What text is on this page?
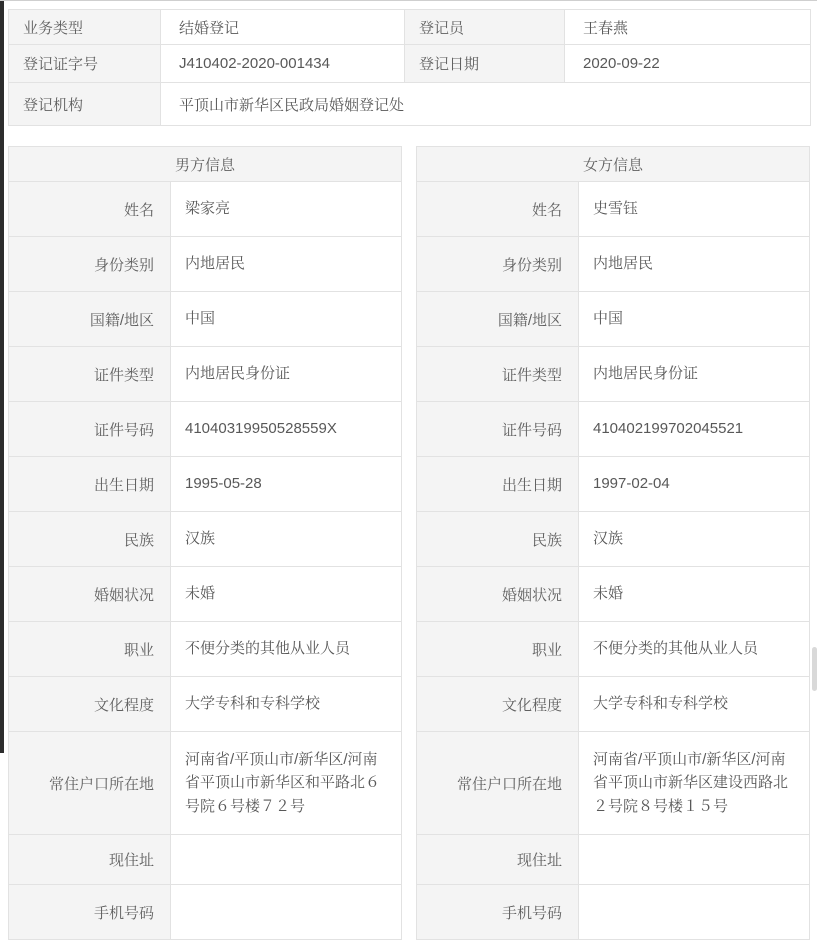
业务类型	结婚登记	登记员	王春燕
登记证字号	J410402-2020-001434	登记日期	2020-09-22
登记机构	平顶山市新华区民政局婚姻登记处		
男方信息	
姓名	梁家亮
身份类别	内地居民
国籍/地区	中国
证件类型	内地居民身份证
证件号码	41040319950528559X
出生日期	1995-05-28
民族	汉族
婚姻状况	未婚
职业	不便分类的其他从业人员
文化程度	大学专科和专科学校
常住户口所在地	河南省/平顶山市/新华区/河南省平顶山市新华区和平路北６号院６号楼７２号
现住址	
手机号码	
女方信息	
姓名	史雪钰
身份类别	内地居民
国籍/地区	中国
证件类型	内地居民身份证
证件号码	410402199702045521
出生日期	1997-02-04
民族	汉族
婚姻状况	未婚
职业	不便分类的其他从业人员
文化程度	大学专科和专科学校
常住户口所在地	河南省/平顶山市/新华区/河南省平顶山市新华区建设西路北２号院８号楼１５号
现住址	
手机号码	
